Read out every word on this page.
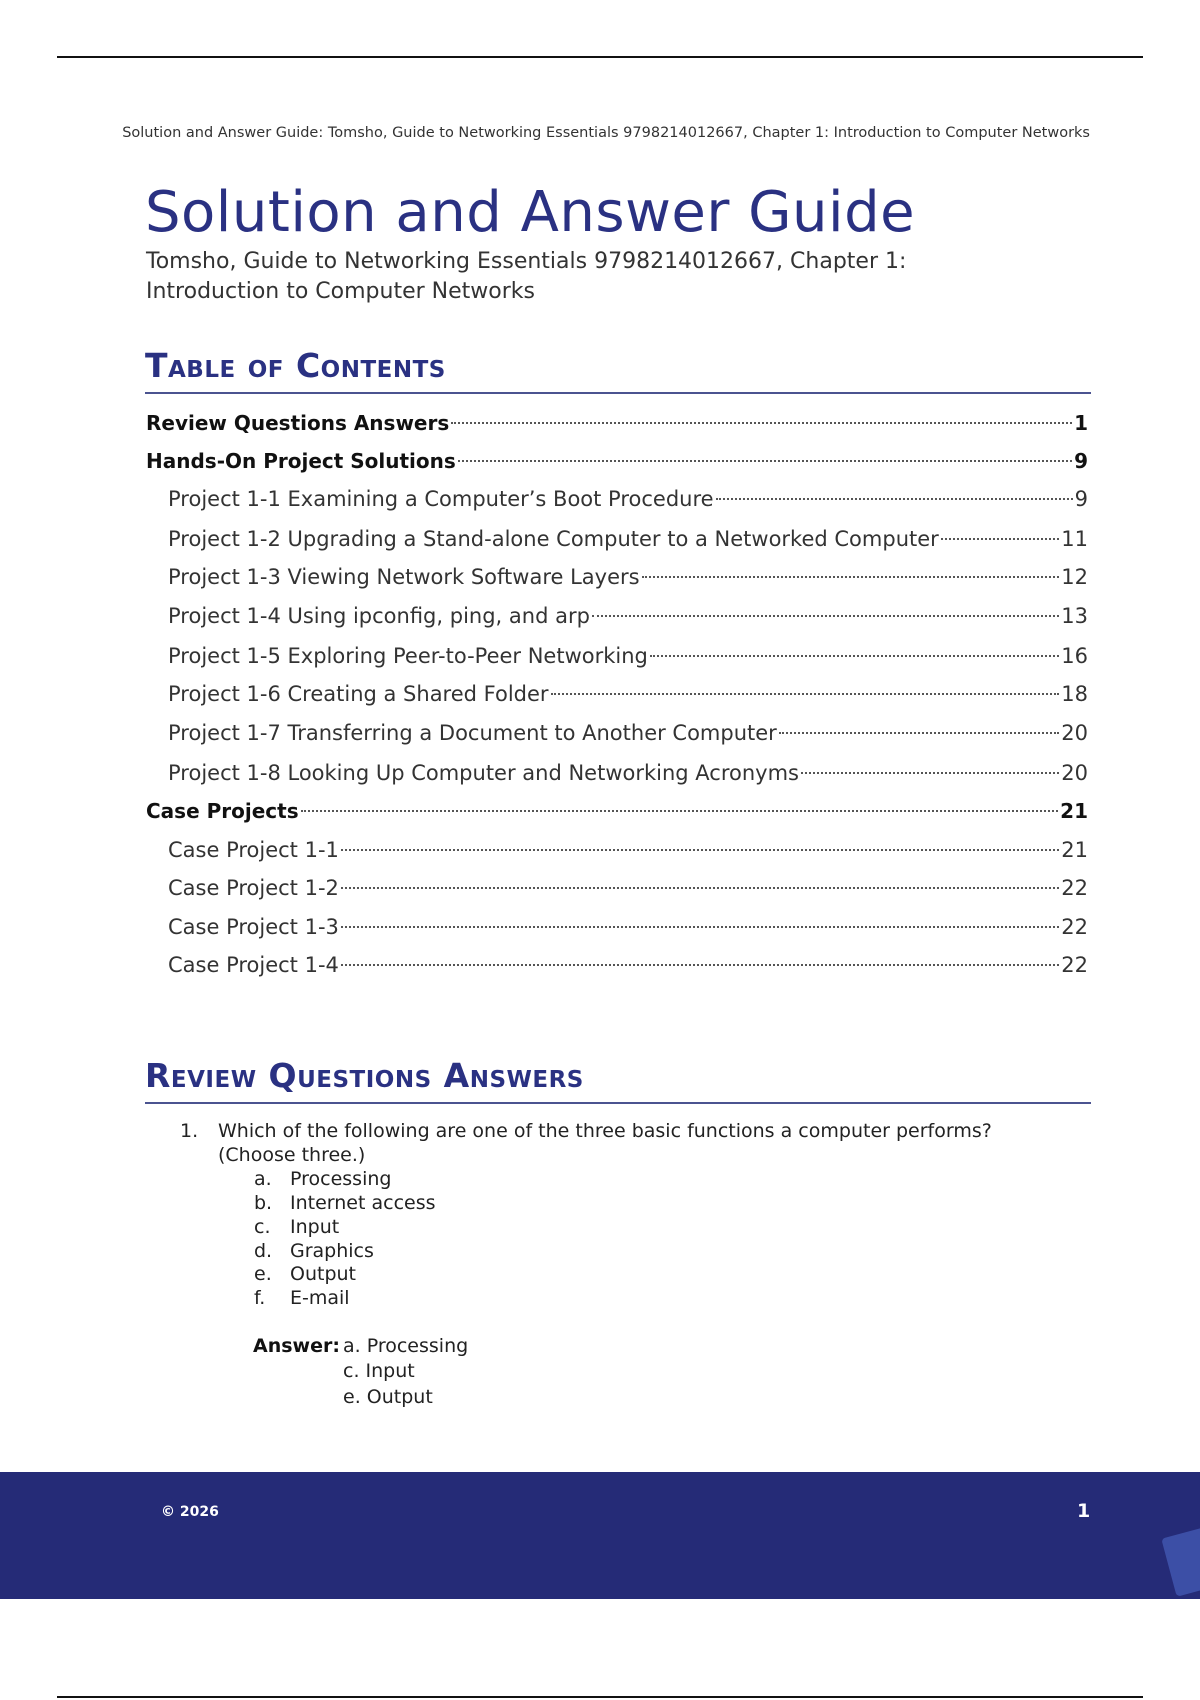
Solution and Answer Guide: Tomsho, Guide to Networking Essentials 9798214012667, Chapter 1: Introduction to Computer Networks
Solution and Answer Guide
Tomsho, Guide to Networking Essentials 9798214012667, Chapter 1: Introduction to Computer Networks
Table of Contents
Review Questions Answers	1
Hands-On Project Solutions	9
Project 1-1 Examining a Computer’s Boot Procedure	9
Project 1-2 Upgrading a Stand-alone Computer to a Networked Computer	11
Project 1-3 Viewing Network Software Layers	12
Project 1-4 Using ipconfig, ping, and arp	13
Project 1-5 Exploring Peer-to-Peer Networking	16
Project 1-6 Creating a Shared Folder	18
Project 1-7 Transferring a Document to Another Computer	20
Project 1-8 Looking Up Computer and Networking Acronyms	20
Case Projects	21
Case Project 1-1	21
Case Project 1-2	22
Case Project 1-3	22
Case Project 1-4	22
Review Questions Answers
1. Which of the following are one of the three basic functions a computer performs? (Choose three.)
a. Processing
b. Internet access
c. Input
d. Graphics
e. Output
f. E-mail
Answer: a. Processing
c. Input
e. Output
© 2026	1
